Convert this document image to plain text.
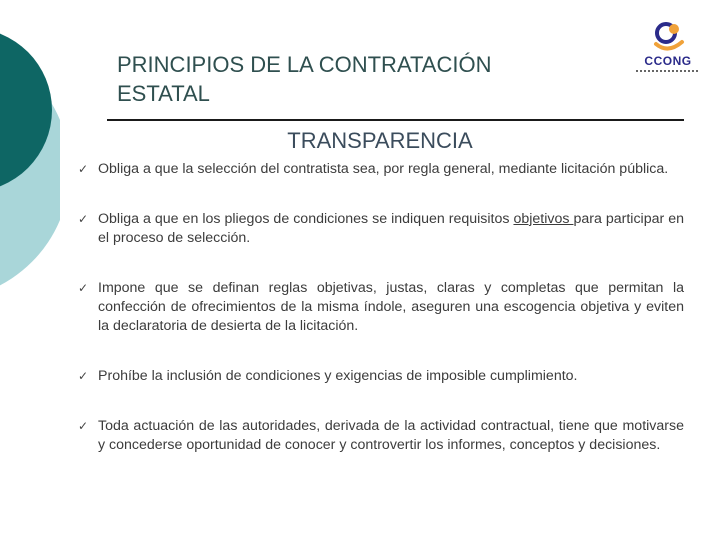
PRINCIPIOS DE LA CONTRATACIÓN
ESTATAL
CCONG
TRANSPARENCIA
✓ Obliga a que la selección del contratista sea, por regla general, mediante licitación pública.
✓ Obliga a que en los pliegos de condiciones se indiquen requisitos objetivos para participar en el proceso de selección.
✓ Impone que se definan reglas objetivas, justas, claras y completas que permitan la confección de ofrecimientos de la misma índole, aseguren una escogencia objetiva y eviten la declaratoria de desierta de la licitación.
✓ Prohíbe la inclusión de condiciones y exigencias de imposible cumplimiento.
✓ Toda actuación de las autoridades, derivada de la actividad contractual, tiene que motivarse y concederse oportunidad de conocer y controvertir los informes, conceptos y decisiones.
